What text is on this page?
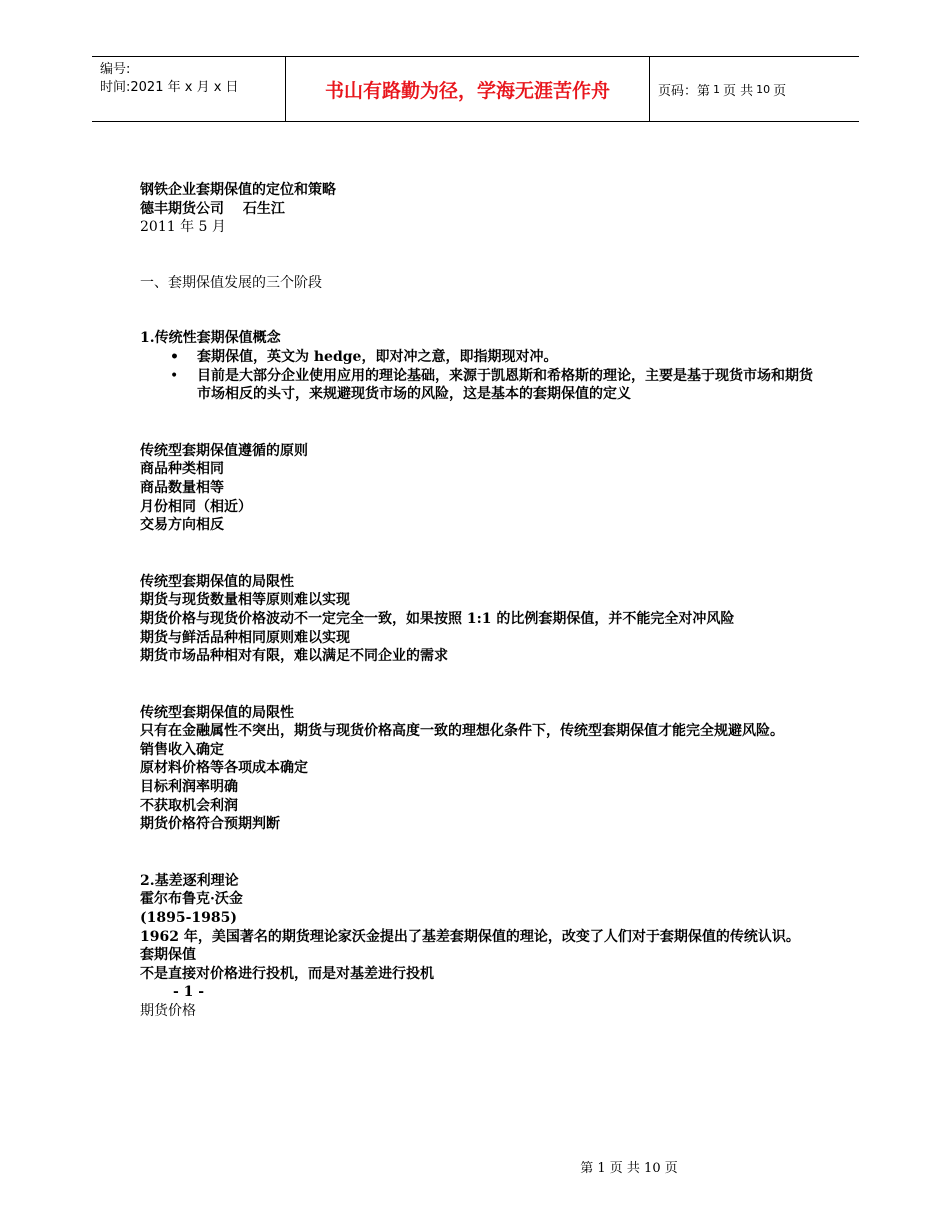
编号:
时间:2021 年 x 月 x 日	书山有路勤为径，学海无涯苦作舟	页码：第 1 页 共 10 页
钢铁企业套期保值的定位和策略
德丰期货公司　 石生江
2011 年 5 月
一、套期保值发展的三个阶段
1.传统性套期保值概念
• 套期保值，英文为 hedge，即对冲之意，即指期现对冲。
• 目前是大部分企业使用应用的理论基础，来源于凯恩斯和希格斯的理论，主要是基于现货市场和期货市场相反的头寸，来规避现货市场的风险，这是基本的套期保值的定义
传统型套期保值遵循的原则
商品种类相同
商品数量相等
月份相同（相近）
交易方向相反
传统型套期保值的局限性
期货与现货数量相等原则难以实现
期货价格与现货价格波动不一定完全一致，如果按照 1:1 的比例套期保值，并不能完全对冲风险
期货与鲜活品种相同原则难以实现
期货市场品种相对有限，难以满足不同企业的需求
传统型套期保值的局限性
只有在金融属性不突出，期货与现货价格高度一致的理想化条件下，传统型套期保值才能完全规避风险。
销售收入确定
原材料价格等各项成本确定
目标利润率明确
不获取机会利润
期货价格符合预期判断
2.基差逐利理论
霍尔布鲁克·沃金
(1895-1985)
1962 年，美国著名的期货理论家沃金提出了基差套期保值的理论，改变了人们对于套期保值的传统认识。
套期保值
不是直接对价格进行投机，而是对基差进行投机
- 1 -
期货价格
第 1 页 共 10 页
